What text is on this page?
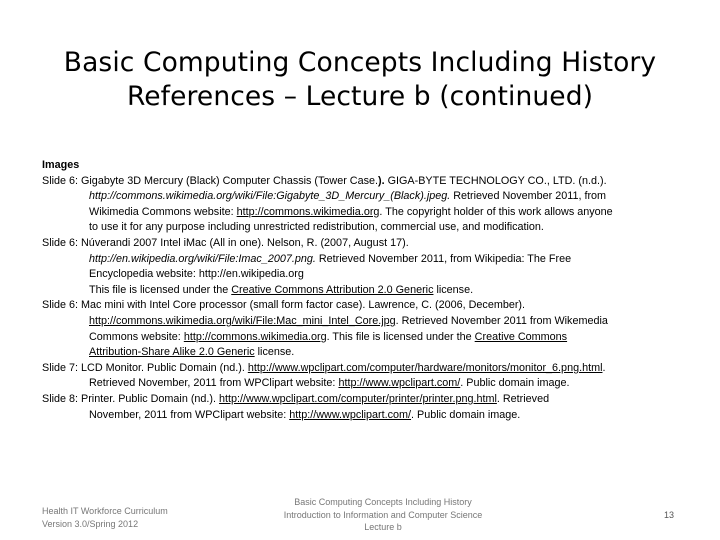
Basic Computing Concepts Including History
References – Lecture b (continued)
Images
Slide 6: Gigabyte 3D Mercury (Black) Computer Chassis (Tower Case.). GIGA-BYTE TECHNOLOGY CO., LTD. (n.d.).
http://commons.wikimedia.org/wiki/File:Gigabyte_3D_Mercury_(Black).jpeg. Retrieved November 2011, from
Wikimedia Commons website: http://commons.wikimedia.org. The copyright holder of this work allows anyone
to use it for any purpose including unrestricted redistribution, commercial use, and modification.
Slide 6: Núverandi 2007 Intel iMac (All in one). Nelson, R. (2007, August 17).
http://en.wikipedia.org/wiki/File:Imac_2007.png. Retrieved November 2011, from Wikipedia: The Free
Encyclopedia website: http://en.wikipedia.org
This file is licensed under the Creative Commons Attribution 2.0 Generic license.
Slide 6: Mac mini with Intel Core processor (small form factor case). Lawrence, C. (2006, December).
http://commons.wikimedia.org/wiki/File:Mac_mini_Intel_Core.jpg. Retrieved November 2011 from Wikemedia
Commons website: http://commons.wikimedia.org. This file is licensed under the Creative Commons
Attribution-Share Alike 2.0 Generic license.
Slide 7: LCD Monitor. Public Domain (nd.). http://www.wpclipart.com/computer/hardware/monitors/monitor_6.png.html.
Retrieved November, 2011 from WPClipart website: http://www.wpclipart.com/. Public domain image.
Slide 8: Printer. Public Domain (nd.). http://www.wpclipart.com/computer/printer/printer.png.html. Retrieved
November, 2011 from WPClipart website: http://www.wpclipart.com/. Public domain image.
Health IT Workforce Curriculum
Version 3.0/Spring 2012
Basic Computing Concepts Including History
Introduction to Information and Computer Science
Lecture b
13
